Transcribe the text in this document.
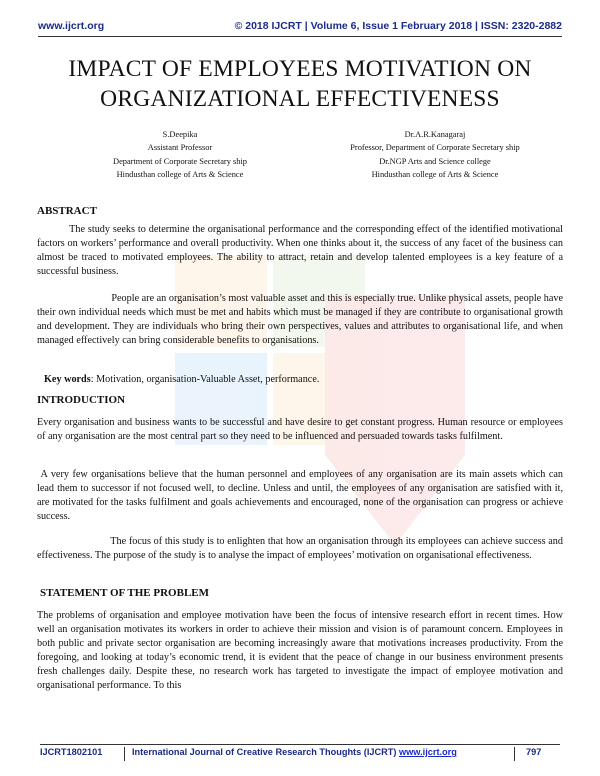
www.ijcrt.org	© 2018 IJCRT | Volume 6, Issue 1 February 2018 | ISSN: 2320-2882
IMPACT OF EMPLOYEES MOTIVATION ON
ORGANIZATIONAL EFFECTIVENESS
S.Deepika
Assistant Professor
Department of Corporate Secretary ship
Hindusthan college of Arts & Science
Dr.A.R.Kanagaraj
Professor, Department of Corporate Secretary ship
Dr.NGP Arts and Science college
Hindusthan college of Arts & Science
ABSTRACT
The study seeks to determine the organisational performance and the corresponding effect of the identified motivational factors on workers’ performance and overall productivity. When one thinks about it, the success of any facet of the business can almost be traced to motivated employees. The ability to attract, retain and develop talented employees is a key feature of a successful business.
People are an organisation’s most valuable asset and this is especially true. Unlike physical assets, people have their own individual needs which must be met and habits which must be managed if they are contribute to organisational growth and development. They are individuals who bring their own perspectives, values and attributes to organisational life, and when managed effectively can bring considerable benefits to organisations.
Key words: Motivation, organisation-Valuable Asset, performance.
INTRODUCTION
Every organisation and business wants to be successful and have desire to get constant progress. Human resource or employees of any organisation are the most central part so they need to be influenced and persuaded towards tasks fulfilment.
A very few organisations believe that the human personnel and employees of any organisation are its main assets which can lead them to successor if not focused well, to decline. Unless and until, the employees of any organisation are satisfied with it, are motivated for the tasks fulfilment and goals achievements and encouraged, none of the organisation can progress or achieve success.
The focus of this study is to enlighten that how an organisation through its employees can achieve success and effectiveness. The purpose of the study is to analyse the impact of employees’ motivation on organisational effectiveness.
STATEMENT OF THE PROBLEM
The problems of organisation and employee motivation have been the focus of intensive research effort in recent times. How well an organisation motivates its workers in order to achieve their mission and vision is of paramount concern. Employees in both public and private sector organisation are becoming increasingly aware that motivations increases productivity. From the foregoing, and looking at today’s economic trend, it is evident that the peace of change in our business environment presents fresh challenges daily. Despite these, no research work has targeted to investigate the impact of employee motivation and organisational performance. To this
IJCRT1802101	International Journal of Creative Research Thoughts (IJCRT) www.ijcrt.org	797
